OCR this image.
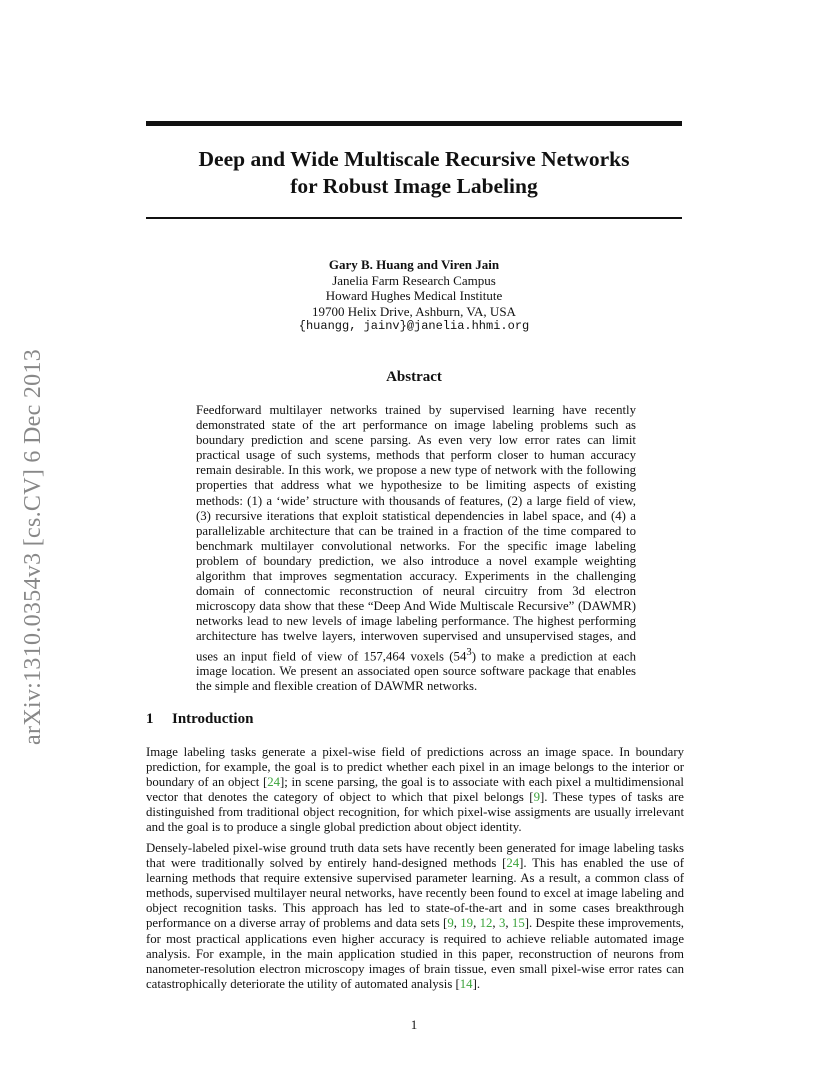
arXiv:1310.0354v3 [cs.CV] 6 Dec 2013
Deep and Wide Multiscale Recursive Networks
for Robust Image Labeling
Gary B. Huang and Viren Jain
Janelia Farm Research Campus
Howard Hughes Medical Institute
19700 Helix Drive, Ashburn, VA, USA
{huangg, jainv}@janelia.hhmi.org
Abstract

Feedforward multilayer networks trained by supervised learning have recently demonstrated state of the art performance on image labeling problems such as boundary prediction and scene parsing. As even very low error rates can limit practical usage of such systems, methods that perform closer to human accuracy remain desirable. In this work, we propose a new type of network with the following properties that address what we hypothesize to be limiting aspects of existing methods: (1) a ‘wide’ structure with thousands of features, (2) a large field of view, (3) recursive iterations that exploit statistical dependencies in label space, and (4) a parallelizable architecture that can be trained in a fraction of the time compared to benchmark multilayer convolutional networks. For the specific image labeling problem of boundary prediction, we also introduce a novel example weighting algorithm that improves segmentation accuracy. Experiments in the challenging domain of connectomic reconstruction of neural circuitry from 3d electron microscopy data show that these “Deep And Wide Multiscale Recursive” (DAWMR) networks lead to new levels of image labeling performance. The highest performing architecture has twelve layers, interwoven supervised and unsupervised stages, and uses an input field of view of 157,464 voxels $(54^3)$ to make a prediction at each image location. We present an associated open source software package that enables the simple and flexible creation of DAWMR networks.

1 Introduction

Image labeling tasks generate a pixel-wise field of predictions across an image space. In boundary prediction, for example, the goal is to predict whether each pixel in an image belongs to the interior or boundary of an object [24]; in scene parsing, the goal is to associate with each pixel a multidimensional vector that denotes the category of object to which that pixel belongs [9]. These types of tasks are distinguished from traditional object recognition, for which pixel-wise assigments are usually irrelevant and the goal is to produce a single global prediction about object identity.

Densely-labeled pixel-wise ground truth data sets have recently been generated for image labeling tasks that were traditionally solved by entirely hand-designed methods [24]. This has enabled the use of learning methods that require extensive supervised parameter learning. As a result, a common class of methods, supervised multilayer neural networks, have recently been found to excel at image labeling and object recognition tasks. This approach has led to state-of-the-art and in some cases breakthrough performance on a diverse array of problems and data sets [9, 19, 12, 3, 15]. Despite these improvements, for most practical applications even higher accuracy is required to achieve reliable automated image analysis. For example, in the main application studied in this paper, reconstruction of neurons from nanometer-resolution electron microscopy images of brain tissue, even small pixel-wise error rates can catastrophically deteriorate the utility of automated analysis [14].

1
